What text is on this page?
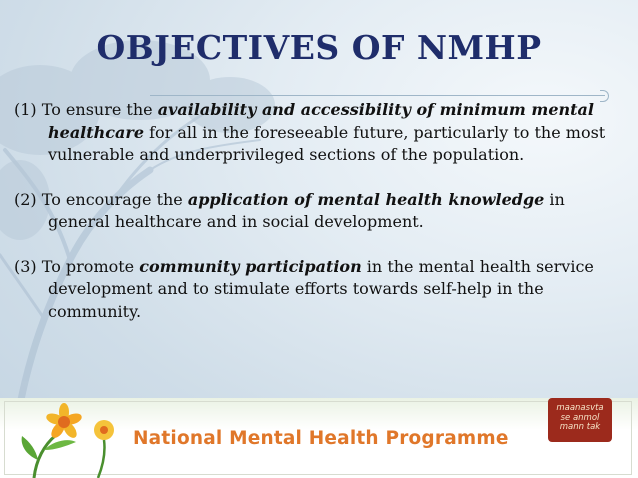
OBJECTIVES OF NMHP

(1) To ensure the availability and accessibility of minimum mental healthcare for all in the foreseeable future, particularly to the most vulnerable and underprivileged sections of the population.

(2) To encourage the application of mental health knowledge in general healthcare and in social development.

(3) To promote community participation in the mental health service development and to stimulate efforts towards self-help in the community.

National Mental Health Programme
maanasvta
se anmol
mann tak
